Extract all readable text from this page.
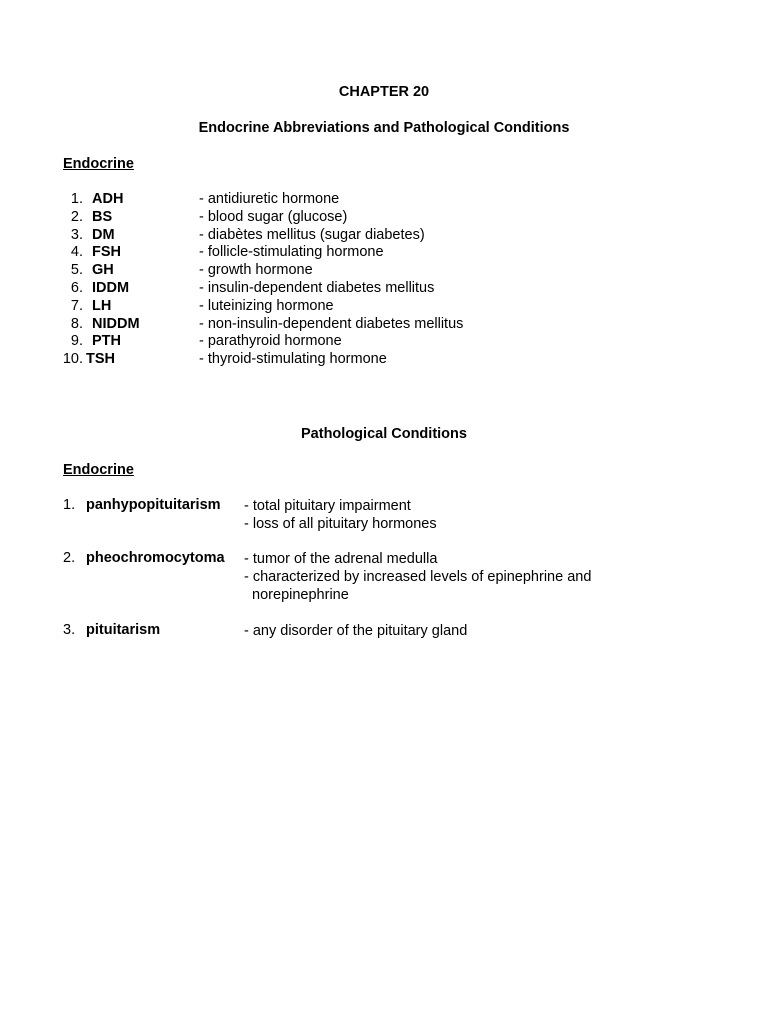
CHAPTER 20
Endocrine Abbreviations and Pathological Conditions
Endocrine
1. ADH	- antidiuretic hormone
2. BS	- blood sugar (glucose)
3. DM	- diabètes mellitus (sugar diabetes)
4. FSH	- follicle-stimulating hormone
5. GH	- growth hormone
6. IDDM	- insulin-dependent diabetes mellitus
7. LH	- luteinizing hormone
8. NIDDM	- non-insulin-dependent diabetes mellitus
9. PTH	- parathyroid hormone
10. TSH	- thyroid-stimulating hormone
Pathological Conditions
Endocrine
1. panhypopituitarism - total pituitary impairment
- loss of all pituitary hormones
2. pheochromocytoma - tumor of the adrenal medulla
- characterized by increased levels of epinephrine and
norepinephrine
3. pituitarism	- any disorder of the pituitary gland
